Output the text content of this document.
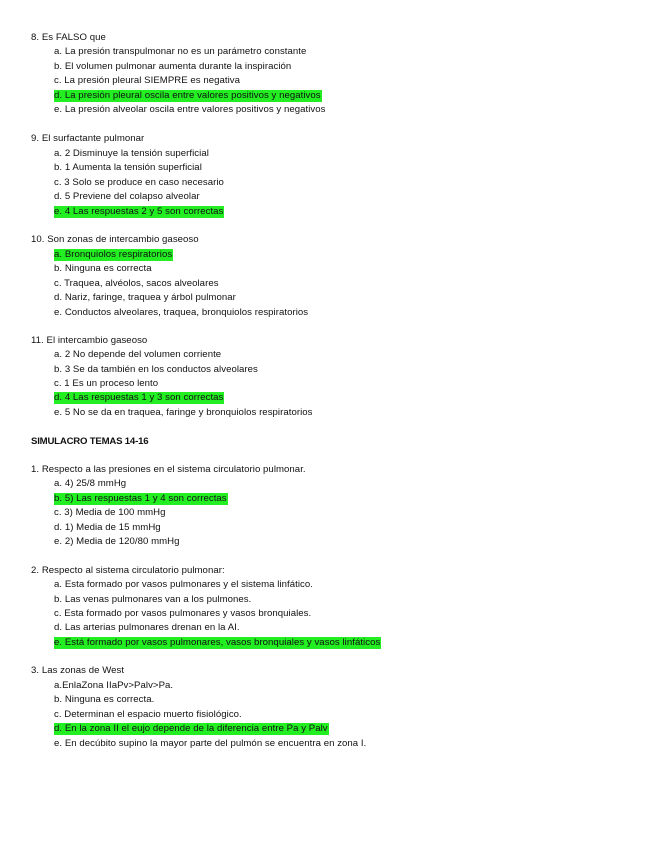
8. Es FALSO que
a. La presión transpulmonar no es un parámetro constante
b. El volumen pulmonar aumenta durante la inspiración
c. La presión pleural SIEMPRE es negativa
d. La presión pleural oscila entre valores positivos y negativos
e. La presión alveolar oscila entre valores positivos y negativos
9. El surfactante pulmonar
a. 2 Disminuye la tensión superficial
b. 1 Aumenta la tensión superficial
c. 3 Solo se produce en caso necesario
d. 5 Previene del colapso alveolar
e. 4 Las respuestas 2 y 5 son correctas
10. Son zonas de intercambio gaseoso
a. Bronquiolos respiratorios
b. Ninguna es correcta
c. Traquea, alvéolos, sacos alveolares
d. Nariz, faringe, traquea y árbol pulmonar
e. Conductos alveolares, traquea, bronquiolos respiratorios
11. El intercambio gaseoso
a. 2 No depende del volumen corriente
b. 3 Se da también en los conductos alveolares
c. 1 Es un proceso lento
d. 4 Las respuestas 1 y 3 son correctas
e. 5 No se da en traquea, faringe y bronquiolos respiratorios
SIMULACRO TEMAS 14-16
1. Respecto a las presiones en el sistema circulatorio pulmonar.
a. 4) 25/8 mmHg
b. 5) Las respuestas 1 y 4 son correctas
c. 3) Media de 100 mmHg
d. 1) Media de 15 mmHg
e. 2) Media de 120/80 mmHg
2. Respecto al sistema circulatorio pulmonar:
a. Esta formado por vasos pulmonares y el sistema linfático.
b. Las venas pulmonares van a los pulmones.
c. Esta formado por vasos pulmonares y vasos bronquiales.
d. Las arterias pulmonares drenan en la AI.
e. Está formado por vasos pulmonares, vasos bronquiales y vasos linfáticos
3. Las zonas de West
a.EnlaZona IIaPv>Palv>Pa.
b. Ninguna es correcta.
c. Determinan el espacio muerto fisiológico.
d. En la zona II el eujo depende de la diferencia entre Pa y Palv
e. En decúbito supino la mayor parte del pulmón se encuentra en zona I.
